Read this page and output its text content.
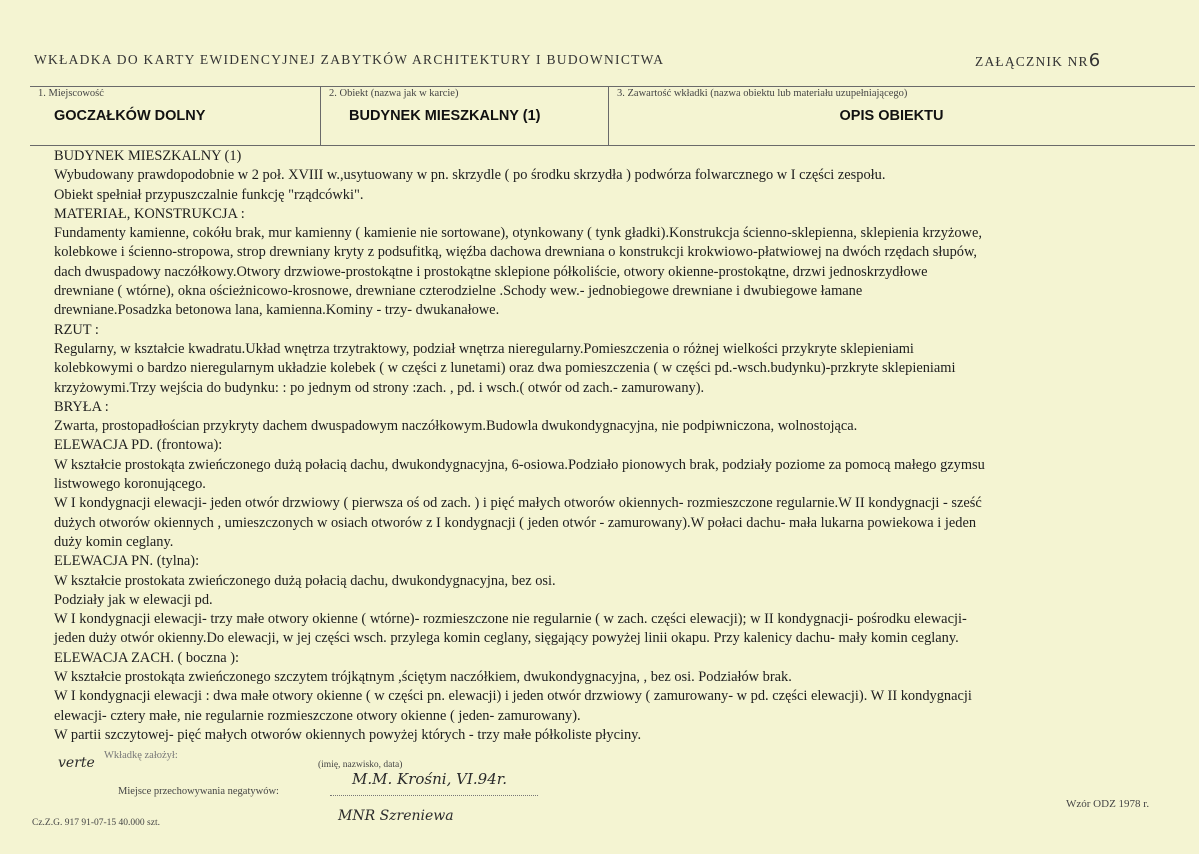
WKŁADKA DO KARTY EWIDENCYJNEJ ZABYTKÓW ARCHITEKTURY I BUDOWNICTWA	ZAŁĄCZNIK NR6
1. Miejscowość
GOCZAŁKÓW DOLNY
2. Obiekt (nazwa jak w karcie)
BUDYNEK MIESZKALNY (1)
3. Zawartość wkładki (nazwa obiektu lub materiału uzupełniającego)
OPIS OBIEKTU
BUDYNEK MIESZKALNY (1)
Wybudowany prawdopodobnie w 2 poł. XVIII w.,usytuowany w pn. skrzydle ( po środku skrzydła ) podwórza folwarcznego w I części zespołu.
Obiekt spełniał przypuszczalnie funkcję "rządcówki".
MATERIAŁ, KONSTRUKCJA :
Fundamenty kamienne, cokółu brak, mur kamienny ( kamienie nie sortowane), otynkowany ( tynk gładki).Konstrukcja ścienno-sklepienna, sklepienia krzyżowe,
kolebkowe i ścienno-stropowa, strop drewniany kryty z podsufitką, więźba dachowa drewniana o konstrukcji krokwiowo-płatwiowej na dwóch rzędach słupów,
dach dwuspadowy naczółkowy.Otwory drzwiowe-prostokątne i prostokątne sklepione półkoliście, otwory okienne-prostokątne, drzwi jednoskrzydłowe
drewniane ( wtórne), okna ościeżnicowo-krosnowe, drewniane czterodzielne .Schody wew.- jednobiegowe drewniane i dwubiegowe łamane
drewniane.Posadzka betonowa lana, kamienna.Kominy - trzy- dwukanałowe.
RZUT :
Regularny, w kształcie kwadratu.Układ wnętrza trzytraktowy, podział wnętrza nieregularny.Pomieszczenia o różnej wielkości przykryte sklepieniami
kolebkowymi o bardzo nieregularnym układzie kolebek ( w części z lunetami) oraz dwa pomieszczenia ( w części pd.-wsch.budynku)-przkryte sklepieniami
krzyżowymi.Trzy wejścia do budynku: : po jednym od strony :zach. , pd. i wsch.( otwór od zach.- zamurowany).
BRYŁA :
Zwarta, prostopadłościan przykryty dachem dwuspadowym naczółkowym.Budowla dwukondygnacyjna, nie podpiwniczona, wolnostojąca.
ELEWACJA PD. (frontowa):
W kształcie prostokąta zwieńczonego dużą połacią dachu, dwukondygnacyjna, 6-osiowa.Podziało pionowych brak, podziały poziome za pomocą małego gzymsu
listwowego koronującego.
W I kondygnacji elewacji- jeden otwór drzwiowy ( pierwsza oś od zach. ) i pięć małych otworów okiennych- rozmieszczone regularnie.W II kondygnacji - sześć
dużych otworów okiennych , umieszczonych w osiach otworów z I kondygnacji ( jeden otwór - zamurowany).W połaci dachu- mała lukarna powiekowa i jeden
duży komin ceglany.
ELEWACJA PN. (tylna):
W kształcie prostokata zwieńczonego dużą połacią dachu, dwukondygnacyjna, bez osi.
Podziały jak w elewacji pd.
W I kondygnacji elewacji- trzy małe otwory okienne ( wtórne)- rozmieszczone nie regularnie ( w zach. części elewacji); w II kondygnacji- pośrodku elewacji-
jeden duży otwór okienny.Do elewacji, w jej części wsch. przylega komin ceglany, sięgający powyżej linii okapu. Przy kalenicy dachu- mały komin ceglany.
ELEWACJA ZACH. ( boczna ):
W kształcie prostokąta zwieńczonego szczytem trójkątnym ,ściętym naczółkiem, dwukondygnacyjna, , bez osi. Podziałów brak.
W I kondygnacji elewacji : dwa małe otwory okienne ( w części pn. elewacji) i jeden otwór drzwiowy ( zamurowany- w pd. części elewacji). W II kondygnacji
elewacji- cztery małe, nie regularnie rozmieszczone otwory okienne ( jeden- zamurowany).
W partii szczytowej- pięć małych otworów okiennych powyżej których - trzy małe półkoliste płyciny.
verte Wkładkę założył:
(imię, nazwisko, data)
M.M. Krośni, VI.94r.
Miejsce przechowywania negatywów:
MNR Szreniewa
Cz.Z.G. 917 91-07-15 40.000 szt.
Wzór ODZ 1978 r.
